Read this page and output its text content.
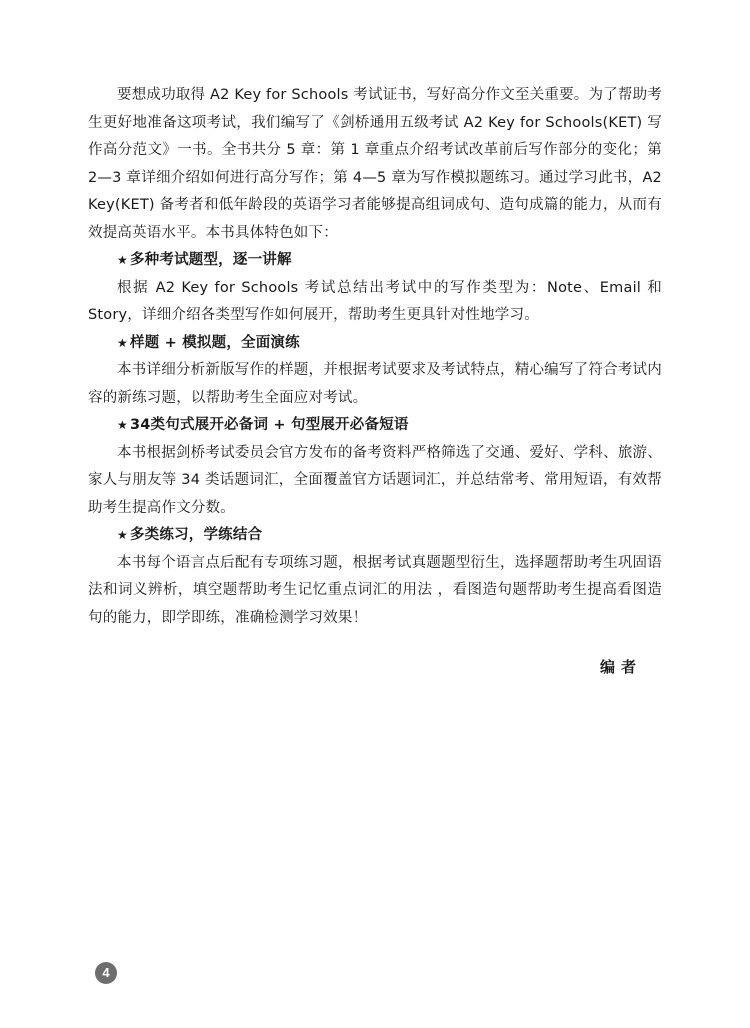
要想成功取得 A2 Key for Schools 考试证书，写好高分作文至关重要。为了帮助考生更好地准备这项考试，我们编写了《剑桥通用五级考试 A2 Key for Schools(KET) 写作高分范文》一书。全书共分 5 章：第 1 章重点介绍考试改革前后写作部分的变化；第 2—3 章详细介绍如何进行高分写作；第 4—5 章为写作模拟题练习。通过学习此书，A2 Key(KET) 备考者和低年龄段的英语学习者能够提高组词成句、造句成篇的能力，从而有效提高英语水平。本书具体特色如下：

★ 多种考试题型，逐一讲解

根据 A2 Key for Schools 考试总结出考试中的写作类型为：Note、Email 和 Story，详细介绍各类型写作如何展开，帮助考生更具针对性地学习。

★ 样题 + 模拟题，全面演练

本书详细分析新版写作的样题，并根据考试要求及考试特点，精心编写了符合考试内容的新练习题，以帮助考生全面应对考试。

★ 34类句式展开必备词 + 句型展开必备短语

本书根据剑桥考试委员会官方发布的备考资料严格筛选了交通、爱好、学科、旅游、家人与朋友等 34 类话题词汇，全面覆盖官方话题词汇，并总结常考、常用短语，有效帮助考生提高作文分数。

★ 多类练习，学练结合

本书每个语言点后配有专项练习题，根据考试真题题型衍生，选择题帮助考生巩固语法和词义辨析，填空题帮助考生记忆重点词汇的用法 ，看图造句题帮助考生提高看图造句的能力，即学即练，准确检测学习效果！

编者

4
